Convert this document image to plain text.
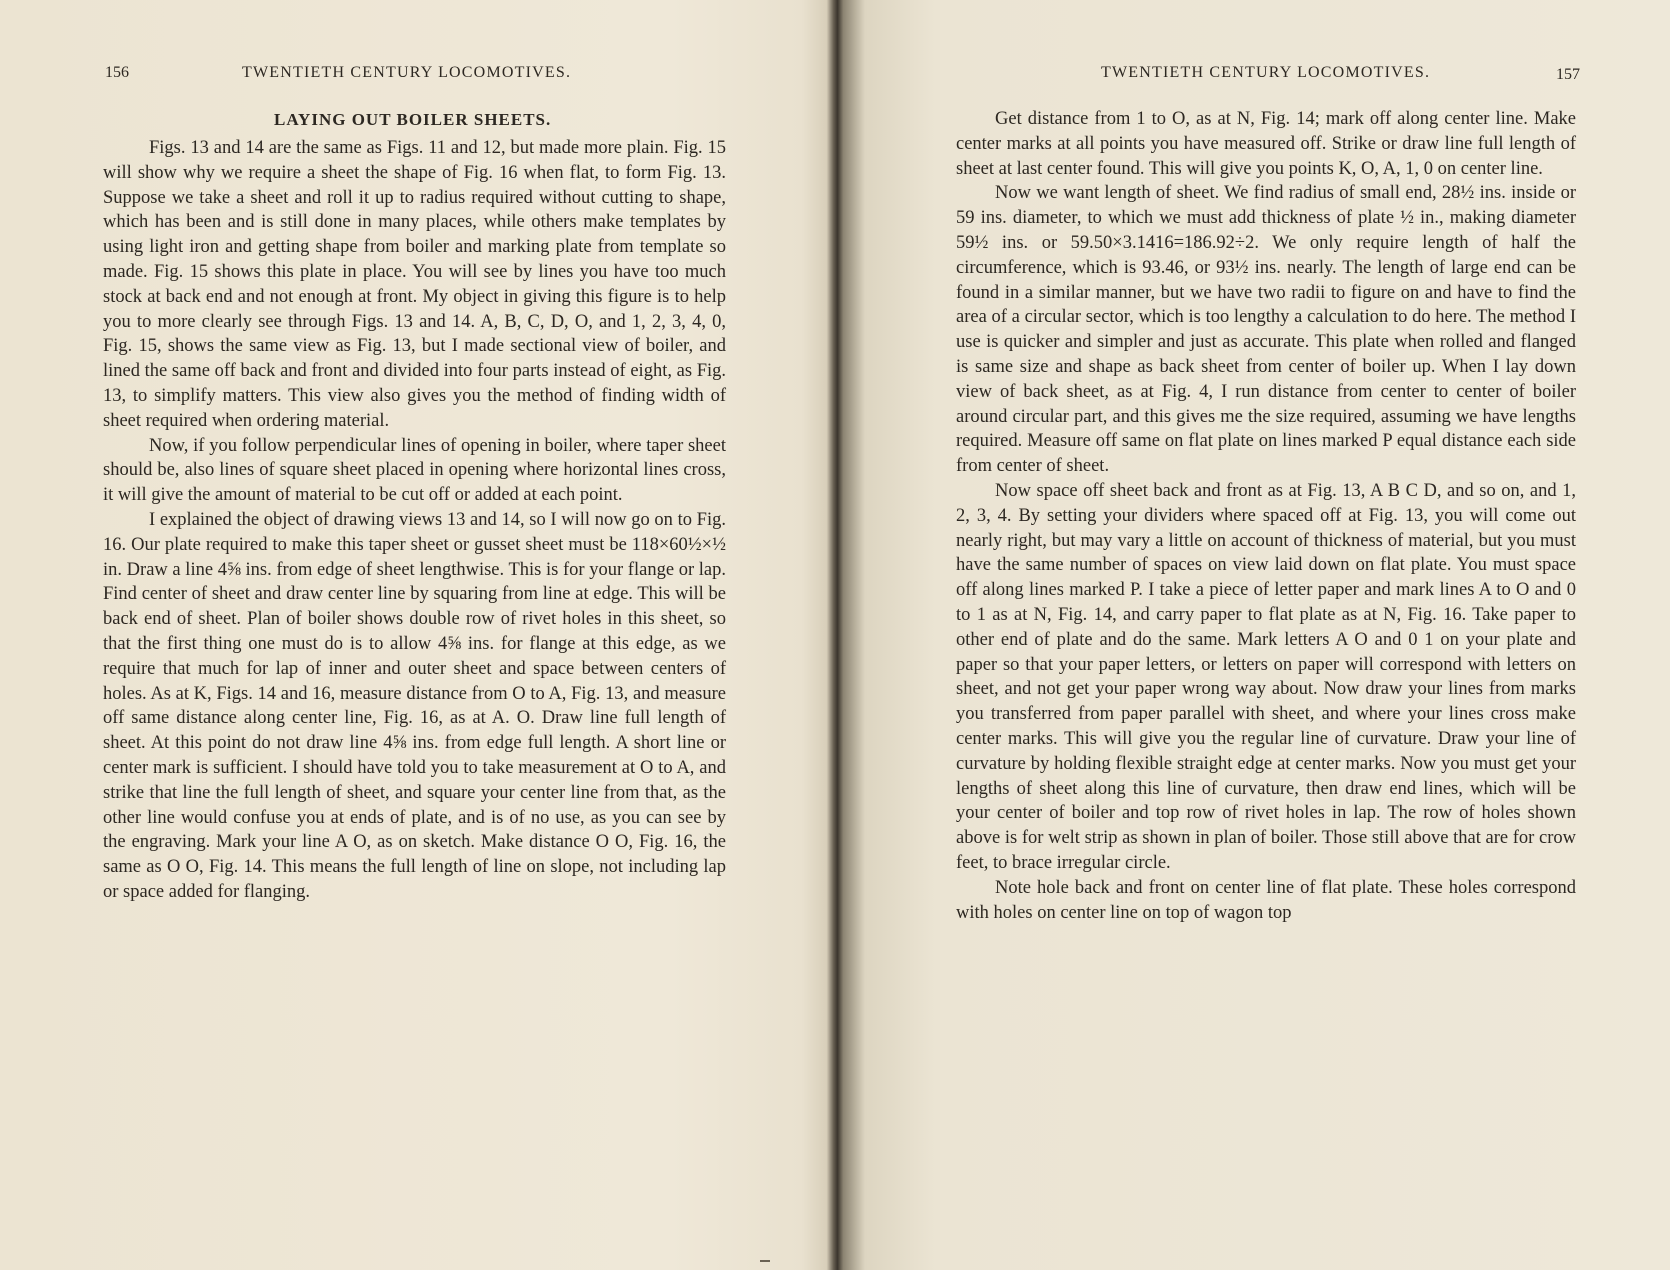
156	TWENTIETH CENTURY LOCOMOTIVES.
LAYING OUT BOILER SHEETS.

Figs. 13 and 14 are the same as Figs. 11 and 12, but made more plain. Fig. 15 will show why we require a sheet the shape of Fig. 16 when flat, to form Fig. 13. Suppose we take a sheet and roll it up to radius required without cutting to shape, which has been and is still done in many places, while others make templates by using light iron and getting shape from boiler and marking plate from template so made. Fig. 15 shows this plate in place. You will see by lines you have too much stock at back end and not enough at front. My object in giving this figure is to help you to more clearly see through Figs. 13 and 14. A, B, C, D, O, and 1, 2, 3, 4, 0, Fig. 15, shows the same view as Fig. 13, but I made sectional view of boiler, and lined the same off back and front and divided into four parts instead of eight, as Fig. 13, to simplify matters. This view also gives you the method of finding width of sheet required when ordering material.

Now, if you follow perpendicular lines of opening in boiler, where taper sheet should be, also lines of square sheet placed in opening where horizontal lines cross, it will give the amount of material to be cut off or added at each point.

I explained the object of drawing views 13 and 14, so I will now go on to Fig. 16. Our plate required to make this taper sheet or gusset sheet must be 118×60½×½ in. Draw a line 4⅝ ins. from edge of sheet lengthwise. This is for your flange or lap. Find center of sheet and draw center line by squaring from line at edge. This will be back end of sheet. Plan of boiler shows double row of rivet holes in this sheet, so that the first thing one must do is to allow 4⅝ ins. for flange at this edge, as we require that much for lap of inner and outer sheet and space between centers of holes. As at K, Figs. 14 and 16, measure distance from O to A, Fig. 13, and measure off same distance along center line, Fig. 16, as at A. O. Draw line full length of sheet. At this point do not draw line 4⅝ ins. from edge full length. A short line or center mark is sufficient. I should have told you to take measurement at O to A, and strike that line the full length of sheet, and square your center line from that, as the other line would confuse you at ends of plate, and is of no use, as you can see by the engraving. Mark your line A O, as on sketch. Make distance O O, Fig. 16, the same as O O, Fig. 14. This means the full length of line on slope, not including lap or space added for flanging.

TWENTIETH CENTURY LOCOMOTIVES.	157

Get distance from 1 to O, as at N, Fig. 14; mark off along center line. Make center marks at all points you have measured off. Strike or draw line full length of sheet at last center found. This will give you points K, O, A, 1, 0 on center line.

Now we want length of sheet. We find radius of small end, 28½ ins. inside or 59 ins. diameter, to which we must add thickness of plate ½ in., making diameter 59½ ins. or 59.50×3.1416=186.92÷2. We only require length of half the circumference, which is 93.46, or 93½ ins. nearly. The length of large end can be found in a similar manner, but we have two radii to figure on and have to find the area of a circular sector, which is too lengthy a calculation to do here. The method I use is quicker and simpler and just as accurate. This plate when rolled and flanged is same size and shape as back sheet from center of boiler up. When I lay down view of back sheet, as at Fig. 4, I run distance from center to center of boiler around circular part, and this gives me the size required, assuming we have lengths required. Measure off same on flat plate on lines marked P equal distance each side from center of sheet.

Now space off sheet back and front as at Fig. 13, A B C D, and so on, and 1, 2, 3, 4. By setting your dividers where spaced off at Fig. 13, you will come out nearly right, but may vary a little on account of thickness of material, but you must have the same number of spaces on view laid down on flat plate. You must space off along lines marked P. I take a piece of letter paper and mark lines A to O and 0 to 1 as at N, Fig. 14, and carry paper to flat plate as at N, Fig. 16. Take paper to other end of plate and do the same. Mark letters A O and 0 1 on your plate and paper so that your paper letters, or letters on paper will correspond with letters on sheet, and not get your paper wrong way about. Now draw your lines from marks you transferred from paper parallel with sheet, and where your lines cross make center marks. This will give you the regular line of curvature. Draw your line of curvature by holding flexible straight edge at center marks. Now you must get your lengths of sheet along this line of curvature, then draw end lines, which will be your center of boiler and top row of rivet holes in lap. The row of holes shown above is for welt strip as shown in plan of boiler. Those still above that are for crow feet, to brace irregular circle.

Note hole back and front on center line of flat plate. These holes correspond with holes on center line on top of wagon top
